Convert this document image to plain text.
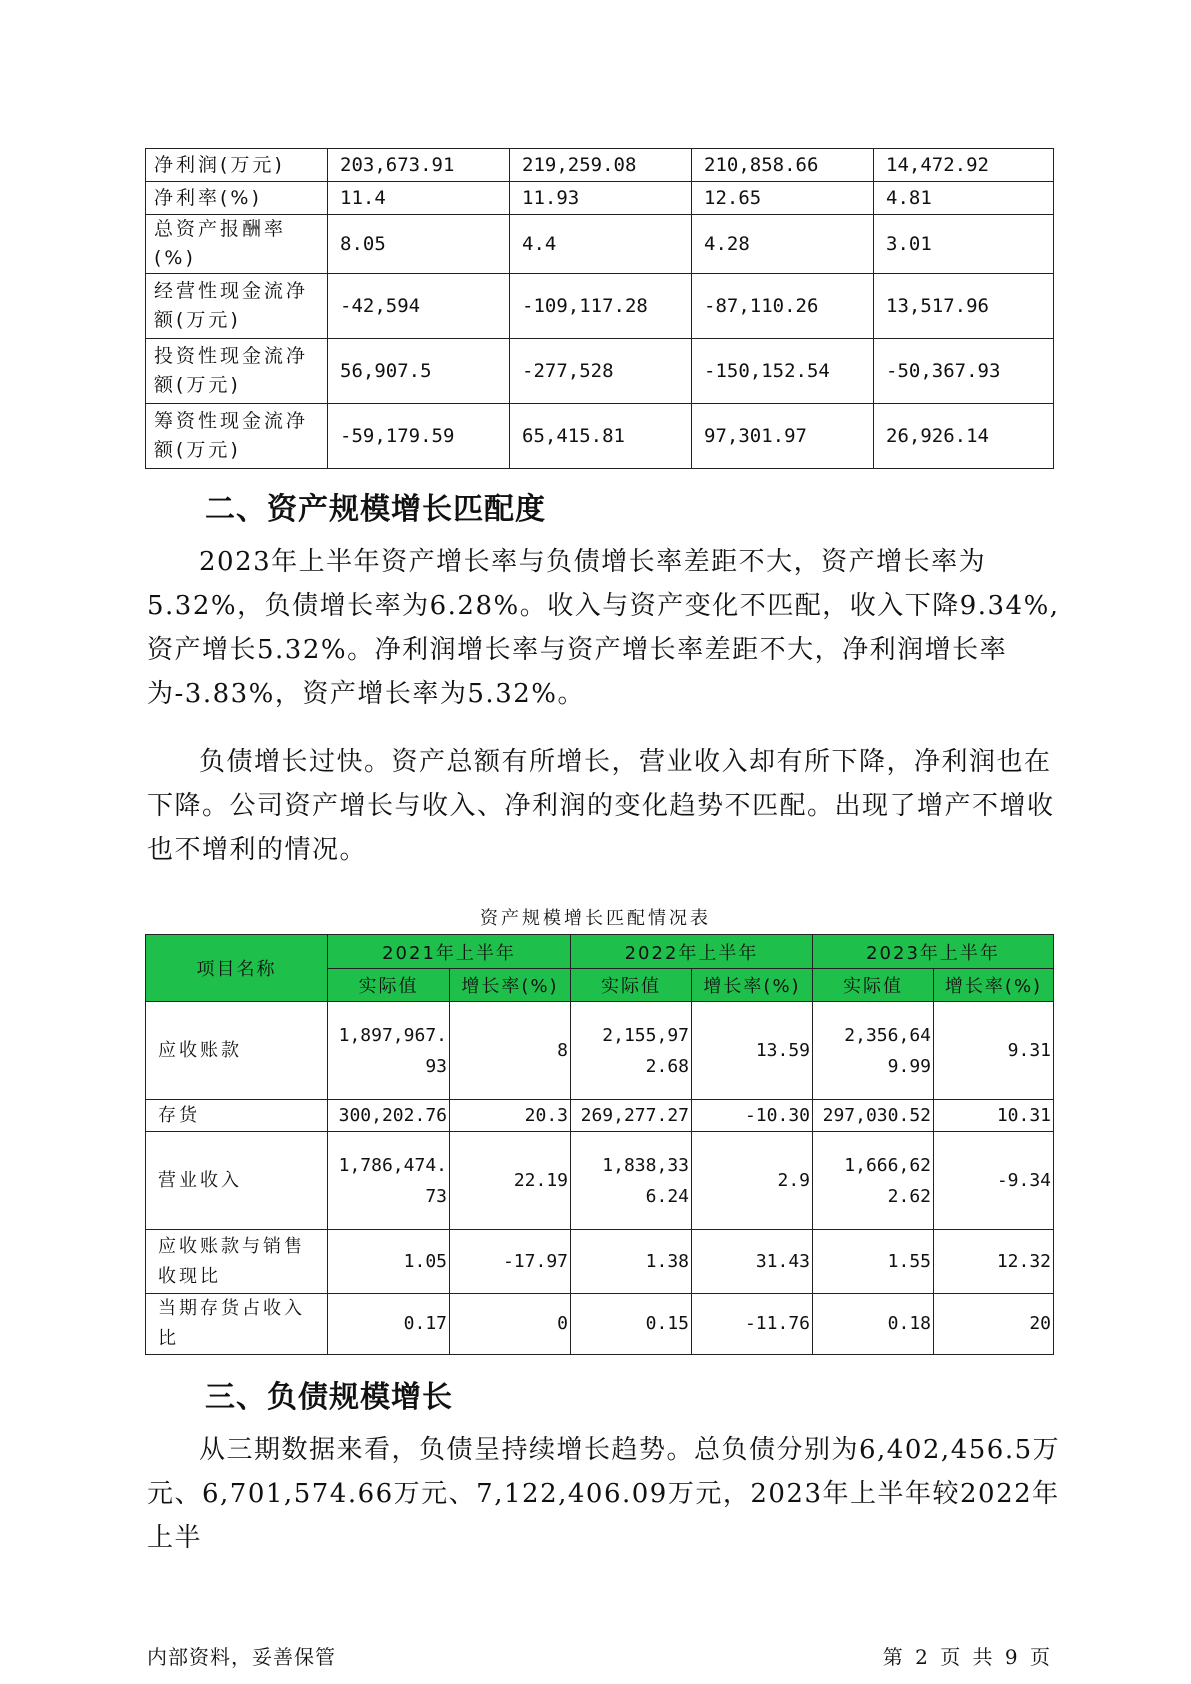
净利润(万元)	203,673.91	219,259.08	210,858.66	14,472.92
净利率(%)	11.4	11.93	12.65	4.81
总资产报酬率(%)	8.05	4.4	4.28	3.01
经营性现金流净额(万元)	-42,594	-109,117.28	-87,110.26	13,517.96
投资性现金流净额(万元)	56,907.5	-277,528	-150,152.54	-50,367.93
筹资性现金流净额(万元)	-59,179.59	65,415.81	97,301.97	26,926.14
二、资产规模增长匹配度

2023年上半年资产增长率与负债增长率差距不大，资产增长率为5.32%，负债增长率为6.28%。收入与资产变化不匹配，收入下降9.34%,资产增长5.32%。净利润增长率与资产增长率差距不大，净利润增长率为-3.83%，资产增长率为5.32%。

负债增长过快。资产总额有所增长，营业收入却有所下降，净利润也在下降。公司资产增长与收入、净利润的变化趋势不匹配。出现了增产不增收也不增利的情况。

资产规模增长匹配情况表
项目名称	2021年上半年		2022年上半年		2023年上半年	
	实际值	增长率(%)	实际值	增长率(%)	实际值	增长率(%)
应收账款	1,897,967.93	8	2,155,972.68	13.59	2,356,649.99	9.31
存货	300,202.76	20.3	269,277.27	-10.30	297,030.52	10.31
营业收入	1,786,474.73	22.19	1,838,336.24	2.9	1,666,622.62	-9.34
应收账款与销售收现比	1.05	-17.97	1.38	31.43	1.55	12.32
当期存货占收入比	0.17	0	0.15	-11.76	0.18	20
三、负债规模增长

从三期数据来看，负债呈持续增长趋势。总负债分别为6,402,456.5万元、6,701,574.66万元、7,122,406.09万元，2023年上半年较2022年上半

内部资料，妥善保管	第 2 页 共 9 页
